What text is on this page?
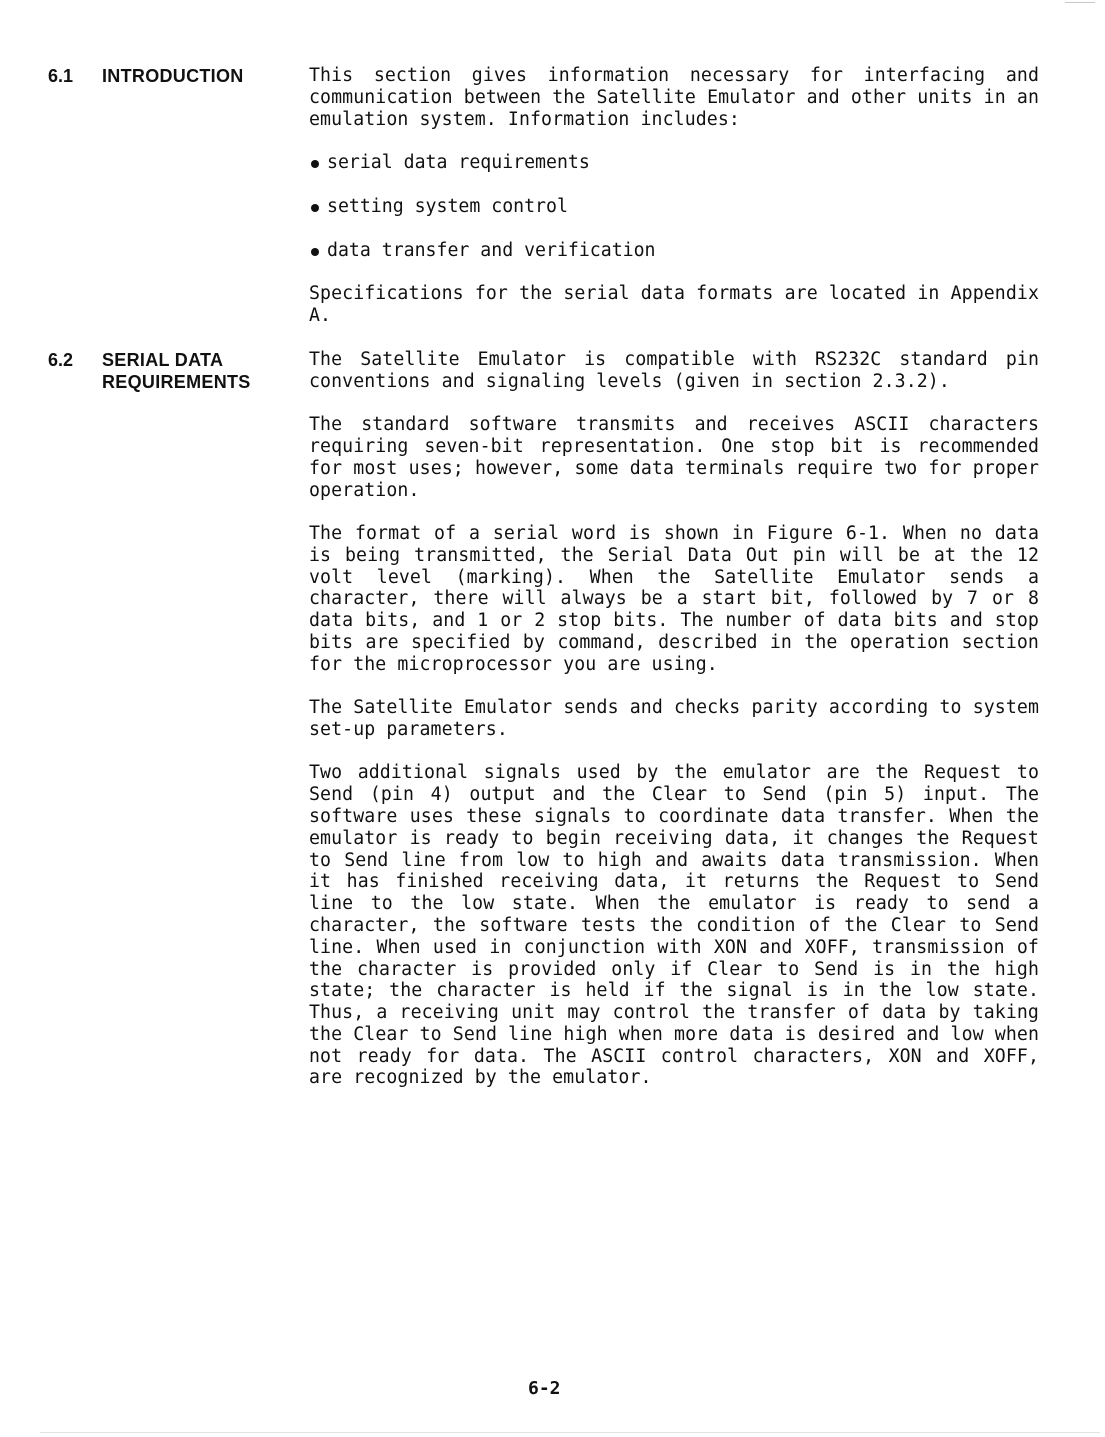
6.1	INTRODUCTION	This section gives information necessary for interfacing and communication between the Satellite Emulator and other units in an emulation system. Information includes:

serial data requirements
setting system control
data transfer and verification

Specifications for the serial data formats are located in Appendix A.

6.2	SERIAL DATA
REQUIREMENTS

The Satellite Emulator is compatible with RS232C standard pin conventions and signaling levels (given in section 2.3.2).

The standard software transmits and receives ASCII characters requiring seven-bit representation. One stop bit is recommended for most uses; however, some data terminals require two for proper operation.

The format of a serial word is shown in Figure 6-1. When no data is being transmitted, the Serial Data Out pin will be at the 12 volt level (marking). When the Satellite Emulator sends a character, there will always be a start bit, followed by 7 or 8 data bits, and 1 or 2 stop bits. The number of data bits and stop bits are specified by command, described in the operation section for the microprocessor you are using.

The Satellite Emulator sends and checks parity according to system set-up parameters.

Two additional signals used by the emulator are the Request to Send (pin 4) output and the Clear to Send (pin 5) input. The software uses these signals to coordinate data transfer. When the emulator is ready to begin receiving data, it changes the Request to Send line from low to high and awaits data transmission. When it has finished receiving data, it returns the Request to Send line to the low state. When the emulator is ready to send a character, the software tests the condition of the Clear to Send line. When used in conjunction with XON and XOFF, transmission of the character is provided only if Clear to Send is in the high state; the character is held if the signal is in the low state. Thus, a receiving unit may control the transfer of data by taking the Clear to Send line high when more data is desired and low when not ready for data. The ASCII control characters, XON and XOFF, are recognized by the emulator.

6-2
